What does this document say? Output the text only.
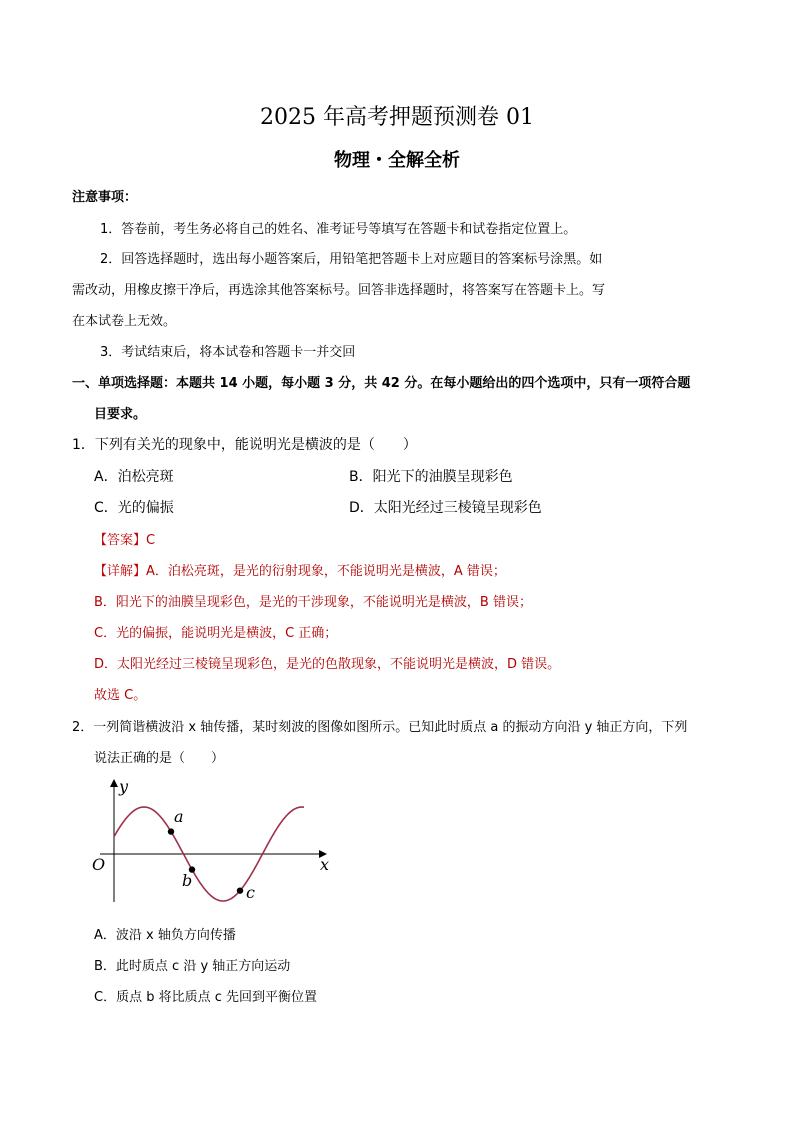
2025 年高考押题预测卷 01
物理・全解全析
注意事项：
1．答卷前，考生务必将自己的姓名、准考证号等填写在答题卡和试卷指定位置上。
2．回答选择题时，选出每小题答案后，用铅笔把答题卡上对应题目的答案标号涂黑。如
需改动，用橡皮擦干净后，再选涂其他答案标号。回答非选择题时，将答案写在答题卡上。写
在本试卷上无效。
3．考试结束后，将本试卷和答题卡一并交回
一、单项选择题：本题共 14 小题，每小题 3 分，共 42 分。在每小题给出的四个选项中，只有一项符合题
目要求。
1．下列有关光的现象中，能说明光是横波的是（　　）
A．泊松亮斑	B．阳光下的油膜呈现彩色
C．光的偏振	D．太阳光经过三棱镜呈现彩色
【答案】C
【详解】A．泊松亮斑，是光的衍射现象，不能说明光是横波，A 错误；
B．阳光下的油膜呈现彩色，是光的干涉现象，不能说明光是横波，B 错误；
C．光的偏振，能说明光是横波，C 正确；
D．太阳光经过三棱镜呈现彩色，是光的色散现象，不能说明光是横波，D 错误。
故选 C。
2．一列简谐横波沿 x 轴传播，某时刻波的图像如图所示。已知此时质点 a 的振动方向沿 y 轴正方向，下列
说法正确的是（　　）
y
x
O
a
b
c
A．波沿 x 轴负方向传播
B．此时质点 c 沿 y 轴正方向运动
C．质点 b 将比质点 c 先回到平衡位置
